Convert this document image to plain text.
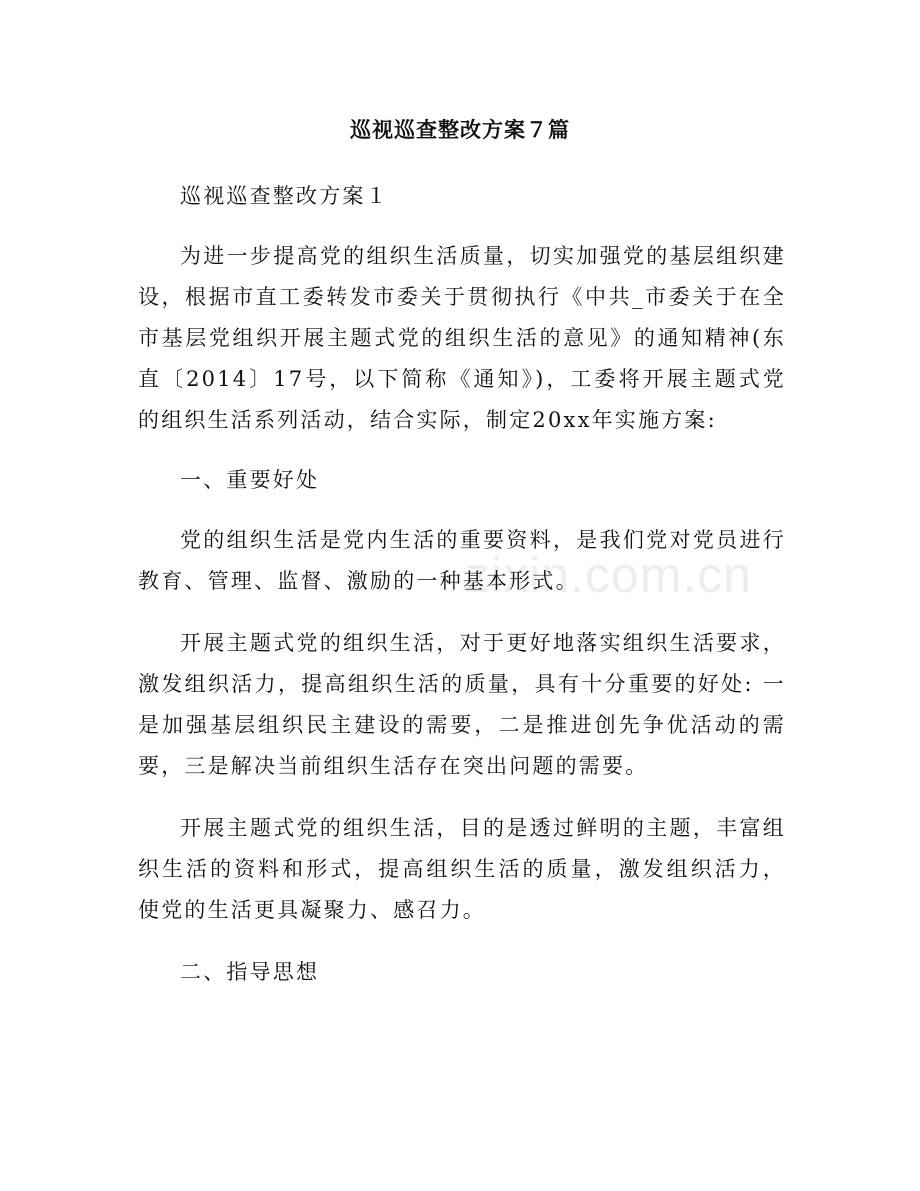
zixin.com.cn
巡视巡查整改方案７篇

巡视巡查整改方案１

为进一步提高党的组织生活质量，切实加强党的基层组织建设，根据市直工委转发市委关于贯彻执行《中共_市委关于在全市基层党组织开展主题式党的组织生活的意见》的通知精神(东直〔2014〕17号，以下简称《通知》)，工委将开展主题式党的组织生活系列活动，结合实际，制定20xx年实施方案:

一、重要好处

党的组织生活是党内生活的重要资料，是我们党对党员进行教育、管理、监督、激励的一种基本形式。

开展主题式党的组织生活，对于更好地落实组织生活要求，激发组织活力，提高组织生活的质量，具有十分重要的好处: 一是加强基层组织民主建设的需要，二是推进创先争优活动的需要，三是解决当前组织生活存在突出问题的需要。

开展主题式党的组织生活，目的是透过鲜明的主题，丰富组织生活的资料和形式，提高组织生活的质量，激发组织活力，使党的生活更具凝聚力、感召力。

二、指导思想
